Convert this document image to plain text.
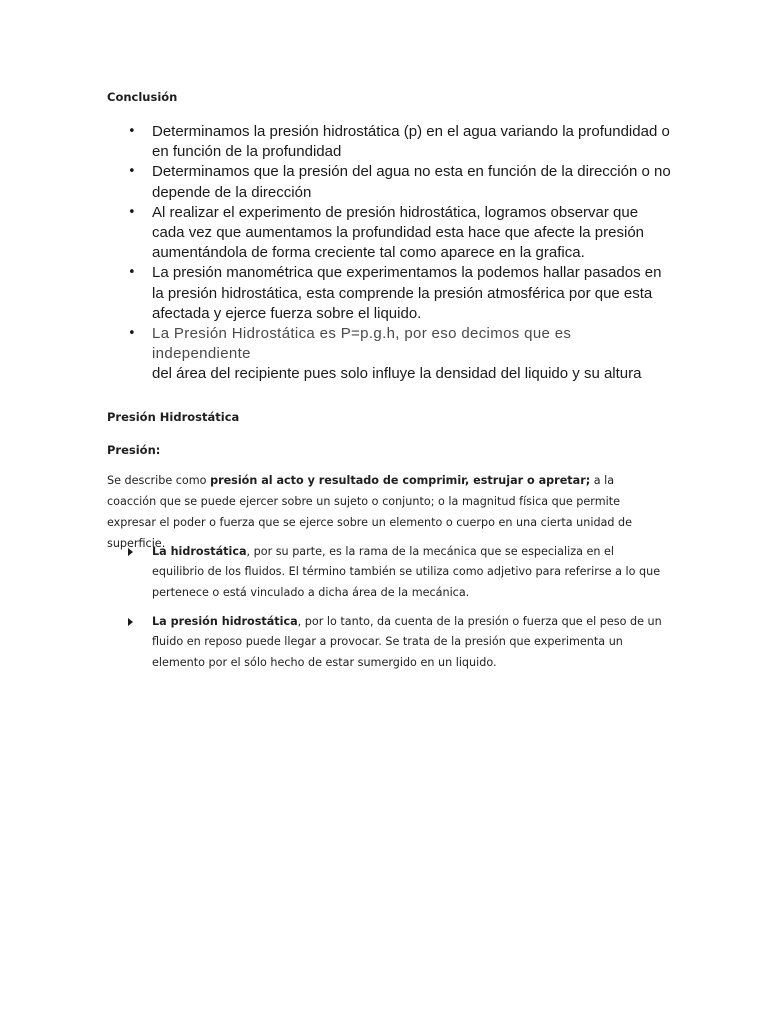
Conclusión
• Determinamos la presión hidrostática (p) en el agua variando la profundidad o en función de la profundidad
• Determinamos que la presión del agua no esta en función de la dirección o no depende de la dirección
• Al realizar el experimento de presión hidrostática, logramos observar que cada vez que aumentamos la profundidad esta hace que afecte la presión aumentándola de forma creciente tal como aparece en la grafica.
• La presión manométrica que experimentamos la podemos hallar pasados en la presión hidrostática, esta comprende la presión atmosférica por que esta afectada y ejerce fuerza sobre el liquido.
• La Presión Hidrostática es P=p.g.h, por eso decimos que es independiente
del área del recipiente pues solo influye la densidad del liquido y su altura
Presión Hidrostática
Presión:

Se describe como presión al acto y resultado de comprimir, estrujar o apretar; a la coacción que se puede ejercer sobre un sujeto o conjunto; o la magnitud física que permite expresar el poder o fuerza que se ejerce sobre un elemento o cuerpo en una cierta unidad de superficie.

La hidrostática, por su parte, es la rama de la mecánica que se especializa en el equilibrio de los fluidos. El término también se utiliza como adjetivo para referirse a lo que pertenece o está vinculado a dicha área de la mecánica.
La presión hidrostática, por lo tanto, da cuenta de la presión o fuerza que el peso de un fluido en reposo puede llegar a provocar. Se trata de la presión que experimenta un elemento por el sólo hecho de estar sumergido en un liquido.
